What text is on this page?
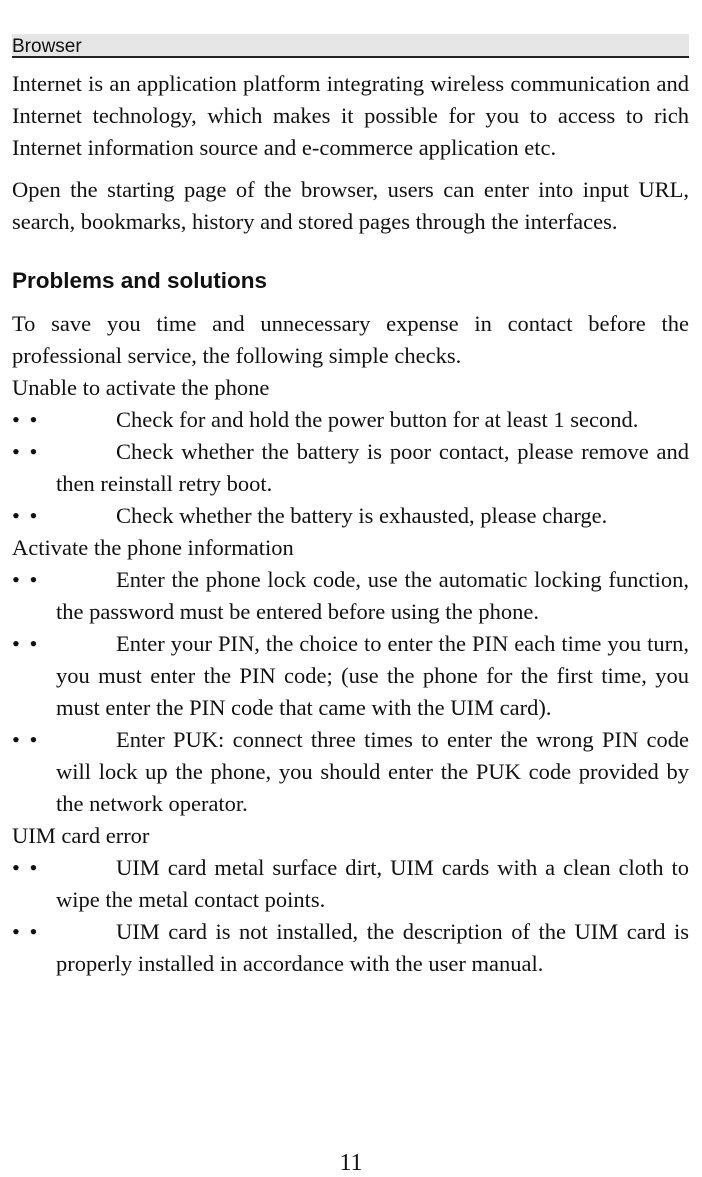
Browser

Internet is an application platform integrating wireless communication and Internet technology, which makes it possible for you to access to rich Internet information source and e-commerce application etc.

Open the starting page of the browser, users can enter into input URL, search, bookmarks, history and stored pages through the interfaces.

Problems and solutions

To save you time and unnecessary expense in contact before the professional service, the following simple checks.

Unable to activate the phone
• •	Check for and hold the power button for at least 1 second.
• •	Check whether the battery is poor contact, please remove and then reinstall retry boot.
• •	Check whether the battery is exhausted, please charge.
Activate the phone information
• •	Enter the phone lock code, use the automatic locking function, the password must be entered before using the phone.
• •	Enter your PIN, the choice to enter the PIN each time you turn, you must enter the PIN code; (use the phone for the first time, you must enter the PIN code that came with the UIM card).
• •	Enter PUK: connect three times to enter the wrong PIN code will lock up the phone, you should enter the PUK code provided by the network operator.
UIM card error
• •	UIM card metal surface dirt, UIM cards with a clean cloth to wipe the metal contact points.
• •	UIM card is not installed, the description of the UIM card is properly installed in accordance with the user manual.
11
